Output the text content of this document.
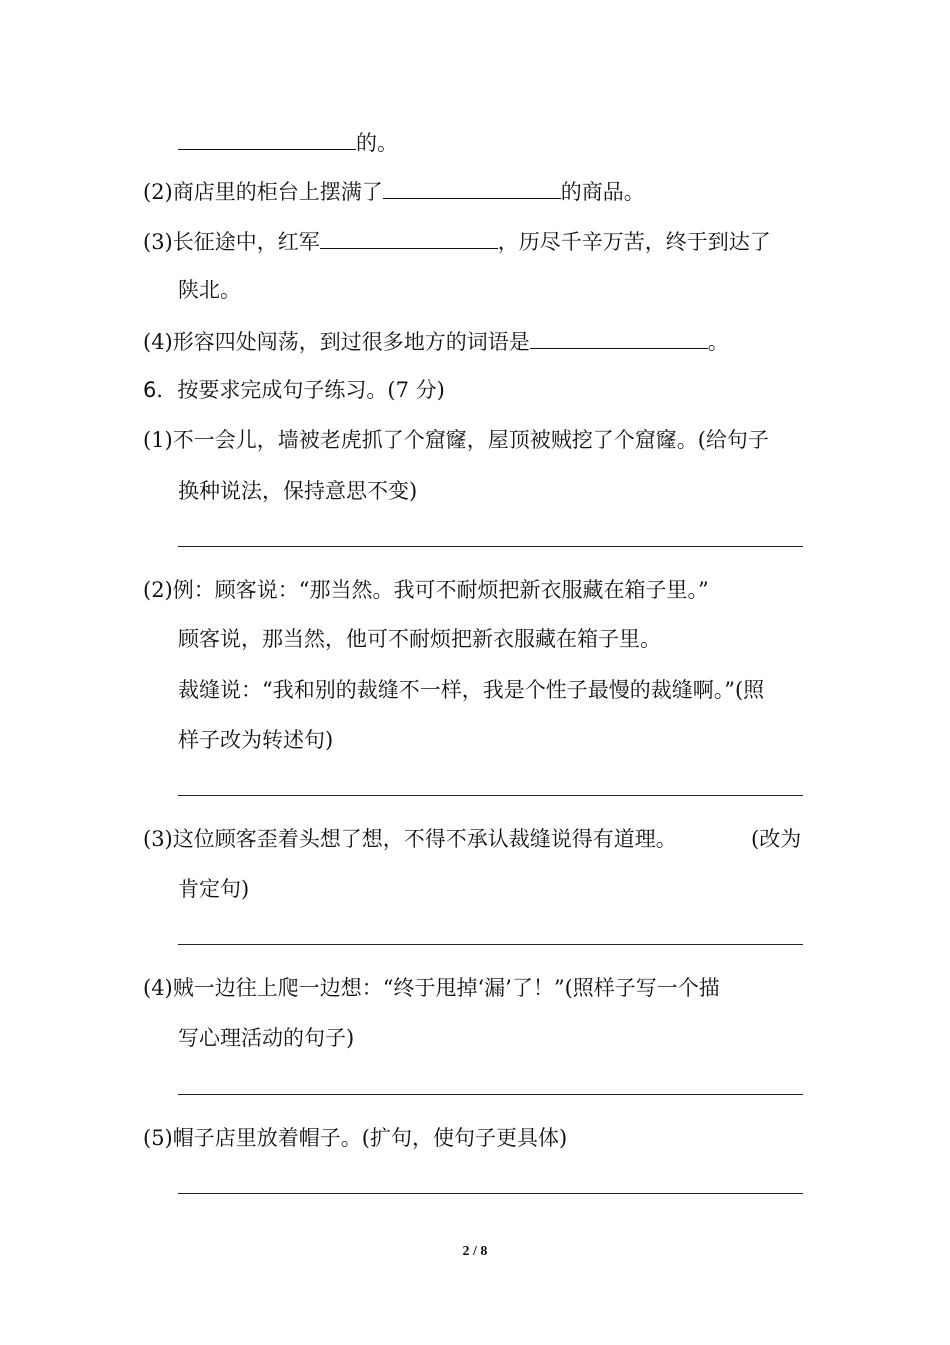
的。
(2)商店里的柜台上摆满了	的商品。
(3)长征途中，红军	，历尽千辛万苦，终于到达了
陕北。
(4)形容四处闯荡，到过很多地方的词语是	。
6．按要求完成句子练习。(7 分)
(1)不一会儿，墙被老虎抓了个窟窿，屋顶被贼挖了个窟窿。(给句子
换种说法，保持意思不变)
(2)例：顾客说：“那当然。我可不耐烦把新衣服藏在箱子里。”
顾客说，那当然，他可不耐烦把新衣服藏在箱子里。
裁缝说：“我和别的裁缝不一样，我是个性子最慢的裁缝啊。”(照
样子改为转述句)
(3)这位顾客歪着头想了想，不得不承认裁缝说得有道理。	(改为
肯定句)
(4)贼一边往上爬一边想：“终于甩掉‘漏’了！”(照样子写一个描
写心理活动的句子)
(5)帽子店里放着帽子。(扩句，使句子更具体)
2 / 8
